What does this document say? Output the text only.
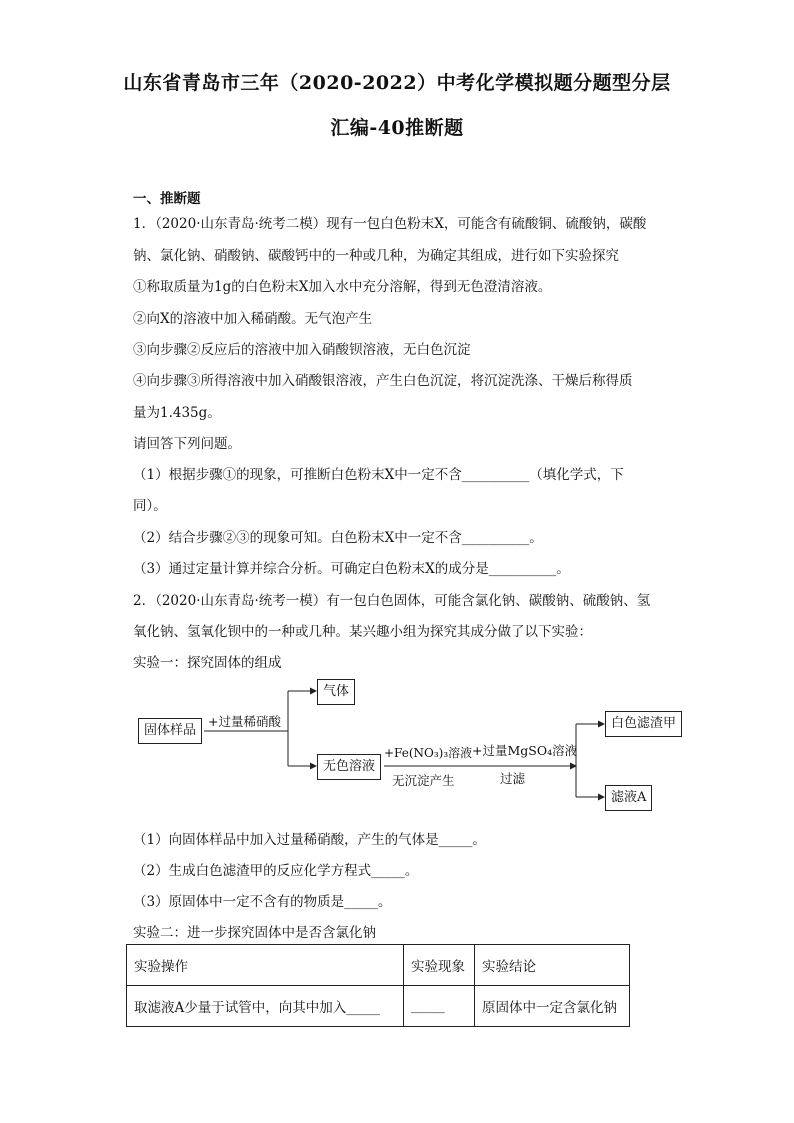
山东省青岛市三年（2020-2022）中考化学模拟题分题型分层
汇编-40推断题
一、推断题
1．（2020·山东青岛·统考二模）现有一包白色粉末X，可能含有硫酸铜、硫酸钠，碳酸
钠、氯化钠、硝酸钠、碳酸钙中的一种或几种，为确定其组成，进行如下实验探究
①称取质量为1g的白色粉末X加入水中充分溶解，得到无色澄清溶液。
②向X的溶液中加入稀硝酸。无气泡产生
③向步骤②反应后的溶液中加入硝酸钡溶液，无白色沉淀
④向步骤③所得溶液中加入硝酸银溶液，产生白色沉淀，将沉淀洗涤、干燥后称得质
量为1.435g。
请回答下列问题。
（1）根据步骤①的现象，可推断白色粉末X中一定不含__________（填化学式，下
同）。
（2）结合步骤②③的现象可知。白色粉末X中一定不含__________。
（3）通过定量计算并综合分析。可确定白色粉末X的成分是__________。
2．（2020·山东青岛·统考一模）有一包白色固体，可能含氯化钠、碳酸钠、硫酸钠、氢
氧化钠、氢氧化钡中的一种或几种。某兴趣小组为探究其成分做了以下实验：
实验一：探究固体的组成
固体样品
+过量稀硝酸
气体
无色溶液
+Fe(NO₃)₃溶液
无沉淀产生
+过量MgSO₄溶液
过滤
白色滤渣甲
滤液A
（1）向固体样品中加入过量稀硝酸，产生的气体是_____。
（2）生成白色滤渣甲的反应化学方程式_____。
（3）原固体中一定不含有的物质是_____。
实验二：进一步探究固体中是否含氯化钠
实验操作	实验现象	实验结论
取滤液A少量于试管中，向其中加入_____	_____	原固体中一定含氯化钠
